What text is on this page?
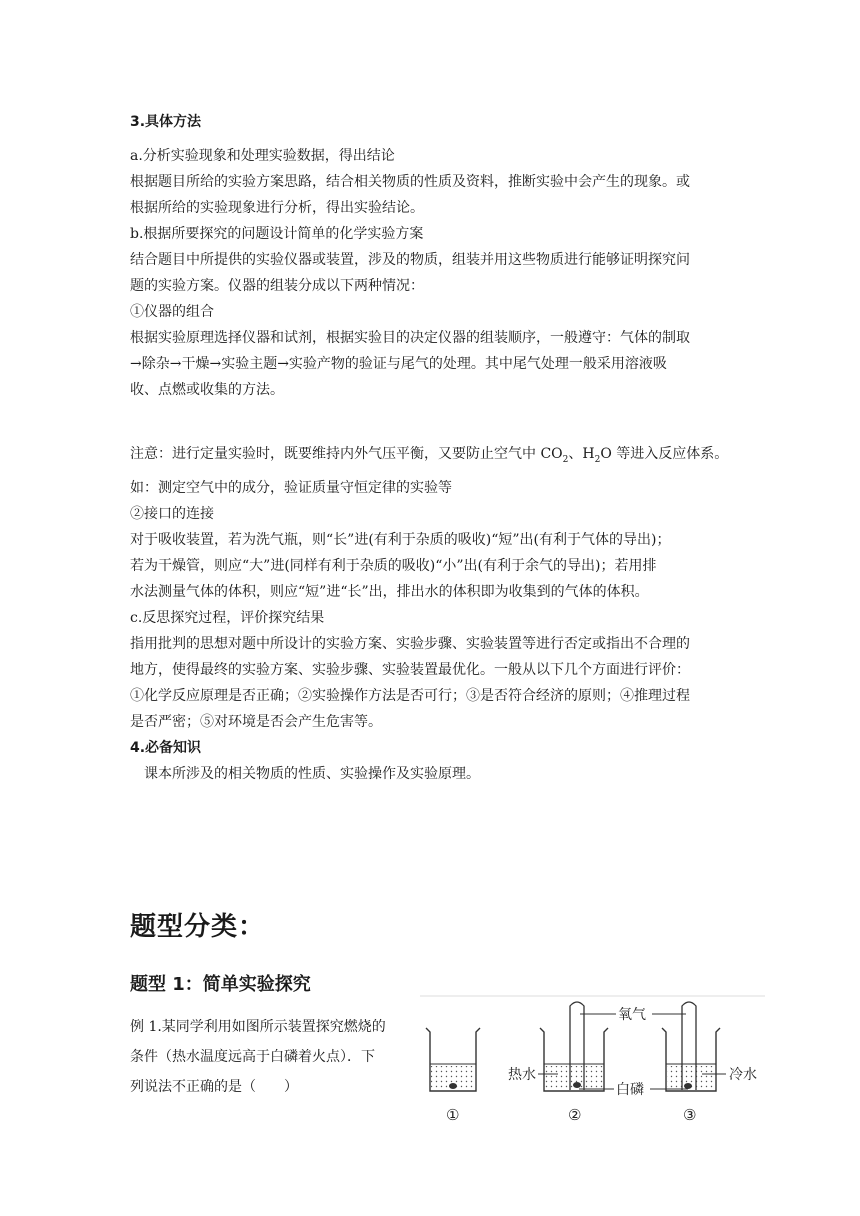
3.具体方法

a.分析实验现象和处理实验数据，得出结论

根据题目所给的实验方案思路，结合相关物质的性质及资料，推断实验中会产生的现象。或

根据所给的实验现象进行分析，得出实验结论。

b.根据所要探究的问题设计简单的化学实验方案

结合题目中所提供的实验仪器或装置，涉及的物质，组装并用这些物质进行能够证明探究问

题的实验方案。仪器的组装分成以下两种情况：

①仪器的组合

根据实验原理选择仪器和试剂，根据实验目的决定仪器的组装顺序，一般遵守：气体的制取

→除杂→干燥→实验主题→实验产物的验证与尾气的处理。其中尾气处理一般采用溶液吸

收、点燃或收集的方法。

注意：进行定量实验时，既要维持内外气压平衡，又要防止空气中 $CO_2$、$H_2O$ 等进入反应体系。

如：测定空气中的成分，验证质量守恒定律的实验等

②接口的连接

对于吸收装置，若为洗气瓶，则“长”进(有利于杂质的吸收)“短”出(有利于气体的导出)；

若为干燥管，则应“大”进(同样有利于杂质的吸收)“小”出(有利于余气的导出)；若用排

水法测量气体的体积，则应“短”进“长”出，排出水的体积即为收集到的气体的体积。

c.反思探究过程，评价探究结果

指用批判的思想对题中所设计的实验方案、实验步骤、实验装置等进行否定或指出不合理的

地方，使得最终的实验方案、实验步骤、实验装置最优化。一般从以下几个方面进行评价：

①化学反应原理是否正确；②实验操作方法是否可行；③是否符合经济的原则；④推理过程

是否严密；⑤对环境是否会产生危害等。

4.必备知识

课本所涉及的相关物质的性质、实验操作及实验原理。

题型分类：
题型 1：简单实验探究

例 1.某同学利用如图所示装置探究燃烧的

条件（热水温度远高于白磷着火点）．下

列说法不正确的是（　　）

氧气
热水
白磷
冷水
①	②	③
